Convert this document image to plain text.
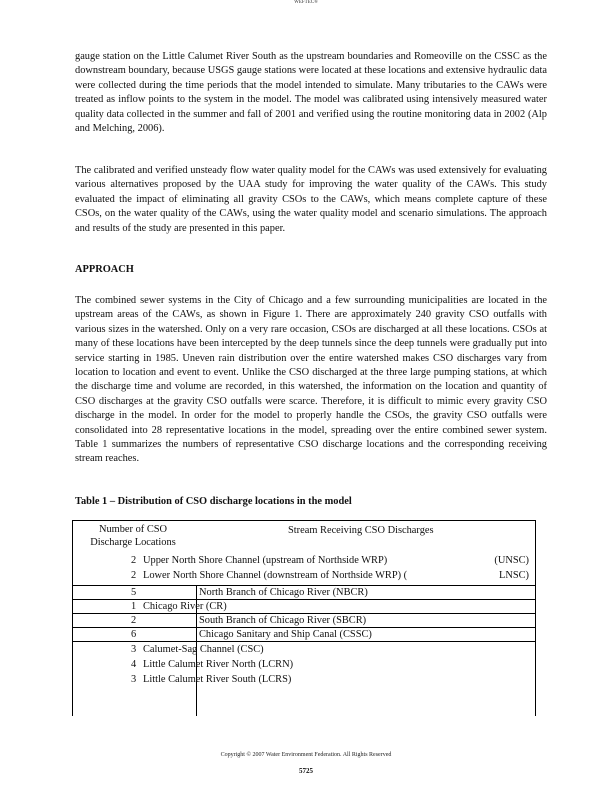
WEFTEC®

gauge station on the Little Calumet River South as the upstream boundaries and Romeoville on the CSSC as the downstream boundary, because USGS gauge stations were located at these locations and extensive hydraulic data were collected during the time periods that the model intended to simulate. Many tributaries to the CAWs were treated as inflow points to the system in the model. The model was calibrated using intensively measured water quality data collected in the summer and fall of 2001 and verified using the routine monitoring data in 2002 (Alp and Melching, 2006).

The calibrated and verified unsteady flow water quality model for the CAWs was used extensively for evaluating various alternatives proposed by the UAA study for improving the water quality of the CAWs. This study evaluated the impact of eliminating all gravity CSOs to the CAWs, which means complete capture of these CSOs, on the water quality of the CAWs, using the water quality model and scenario simulations. The approach and results of the study are presented in this paper.

APPROACH

The combined sewer systems in the City of Chicago and a few surrounding municipalities are located in the upstream areas of the CAWs, as shown in Figure 1. There are approximately 240 gravity CSO outfalls with various sizes in the watershed. Only on a very rare occasion, CSOs are discharged at all these locations. CSOs at many of these locations have been intercepted by the deep tunnels since the deep tunnels were gradually put into service starting in 1985. Uneven rain distribution over the entire watershed makes CSO discharges vary from location to location and event to event. Unlike the CSO discharged at the three large pumping stations, at which the discharge time and volume are recorded, in this watershed, the information on the location and quantity of CSO discharges at the gravity CSO outfalls were scarce. Therefore, it is difficult to mimic every gravity CSO discharge in the model. In order for the model to properly handle the CSOs, the gravity CSO outfalls were consolidated into 28 representative locations in the model, spreading over the entire combined sewer system. Table 1 summarizes the numbers of representative CSO discharge locations and the corresponding receiving stream reaches.

Table 1 – Distribution of CSO discharge locations in the model
Number of CSO Discharge Locations
Stream Receiving CSO Discharges
2 Upper North Shore Channel (upstream of Northside WRP)	(UNSC)
2 Lower North Shore Channel (downstream of Northside WRP) (	LNSC)
5	North Branch of Chicago River (NBCR)
1 Chicago River (CR)
2	South Branch of Chicago River (SBCR)
6	Chicago Sanitary and Ship Canal (CSSC)
3 Calumet-Sag Channel (CSC)
4 Little Calumet River North (LCRN)
3 Little Calumet River South (LCRS)
Copyright © 2007 Water Environment Federation. All Rights Reserved
5725
